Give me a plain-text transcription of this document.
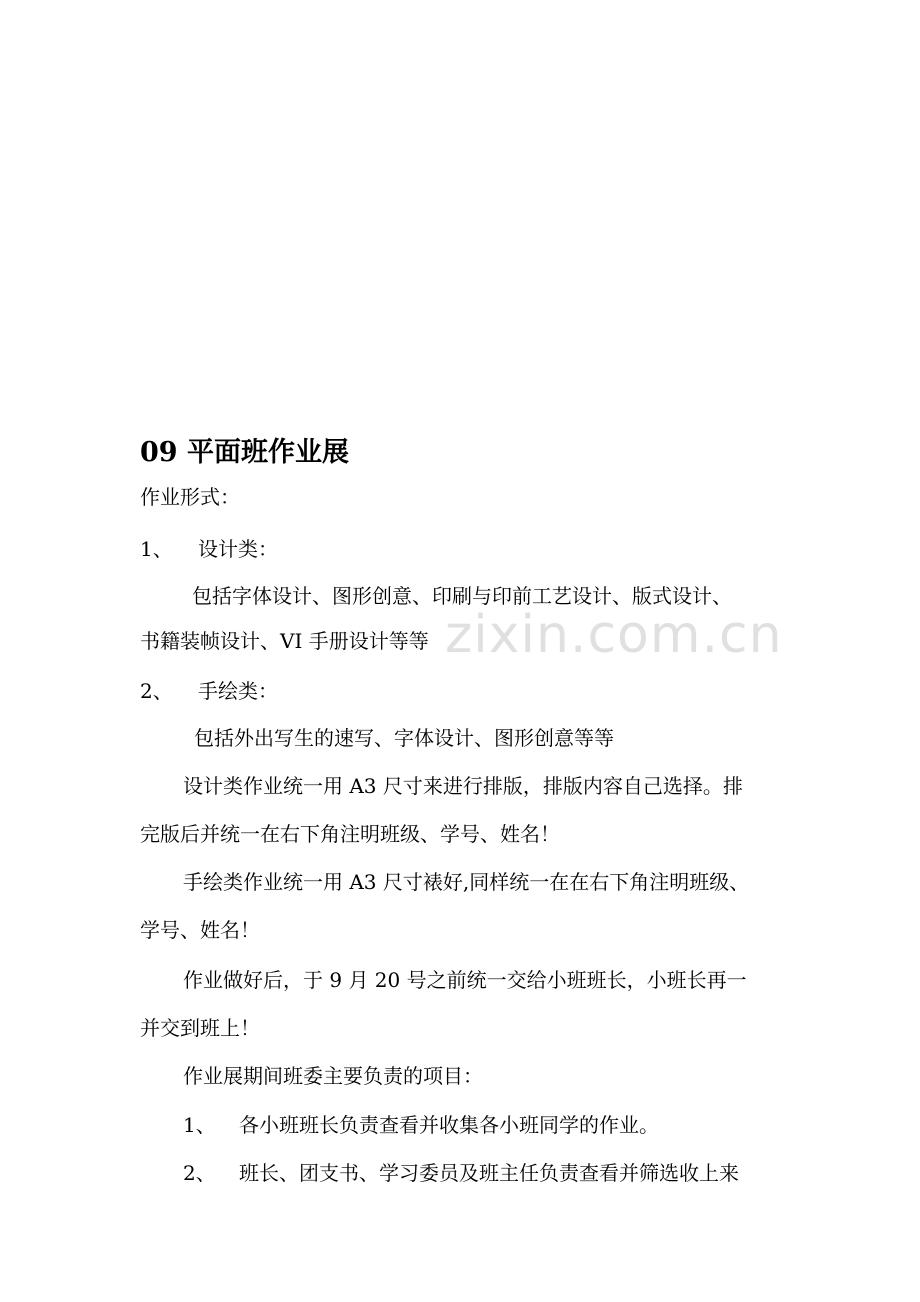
zixin.com.cn
09 平面班作业展
作业形式：
1、 设计类：
包括字体设计、图形创意、印刷与印前工艺设计、版式设计、
书籍装帧设计、VI 手册设计等等
2、 手绘类：
包括外出写生的速写、字体设计、图形创意等等
设计类作业统一用 A3 尺寸来进行排版，排版内容自己选择。排
完版后并统一在右下角注明班级、学号、姓名！
手绘类作业统一用 A3 尺寸裱好,同样统一在在右下角注明班级、
学号、姓名！
作业做好后，于 9 月 20 号之前统一交给小班班长，小班长再一
并交到班上！
作业展期间班委主要负责的项目：
1、 各小班班长负责查看并收集各小班同学的作业。
2、 班长、团支书、学习委员及班主任负责查看并筛选收上来
